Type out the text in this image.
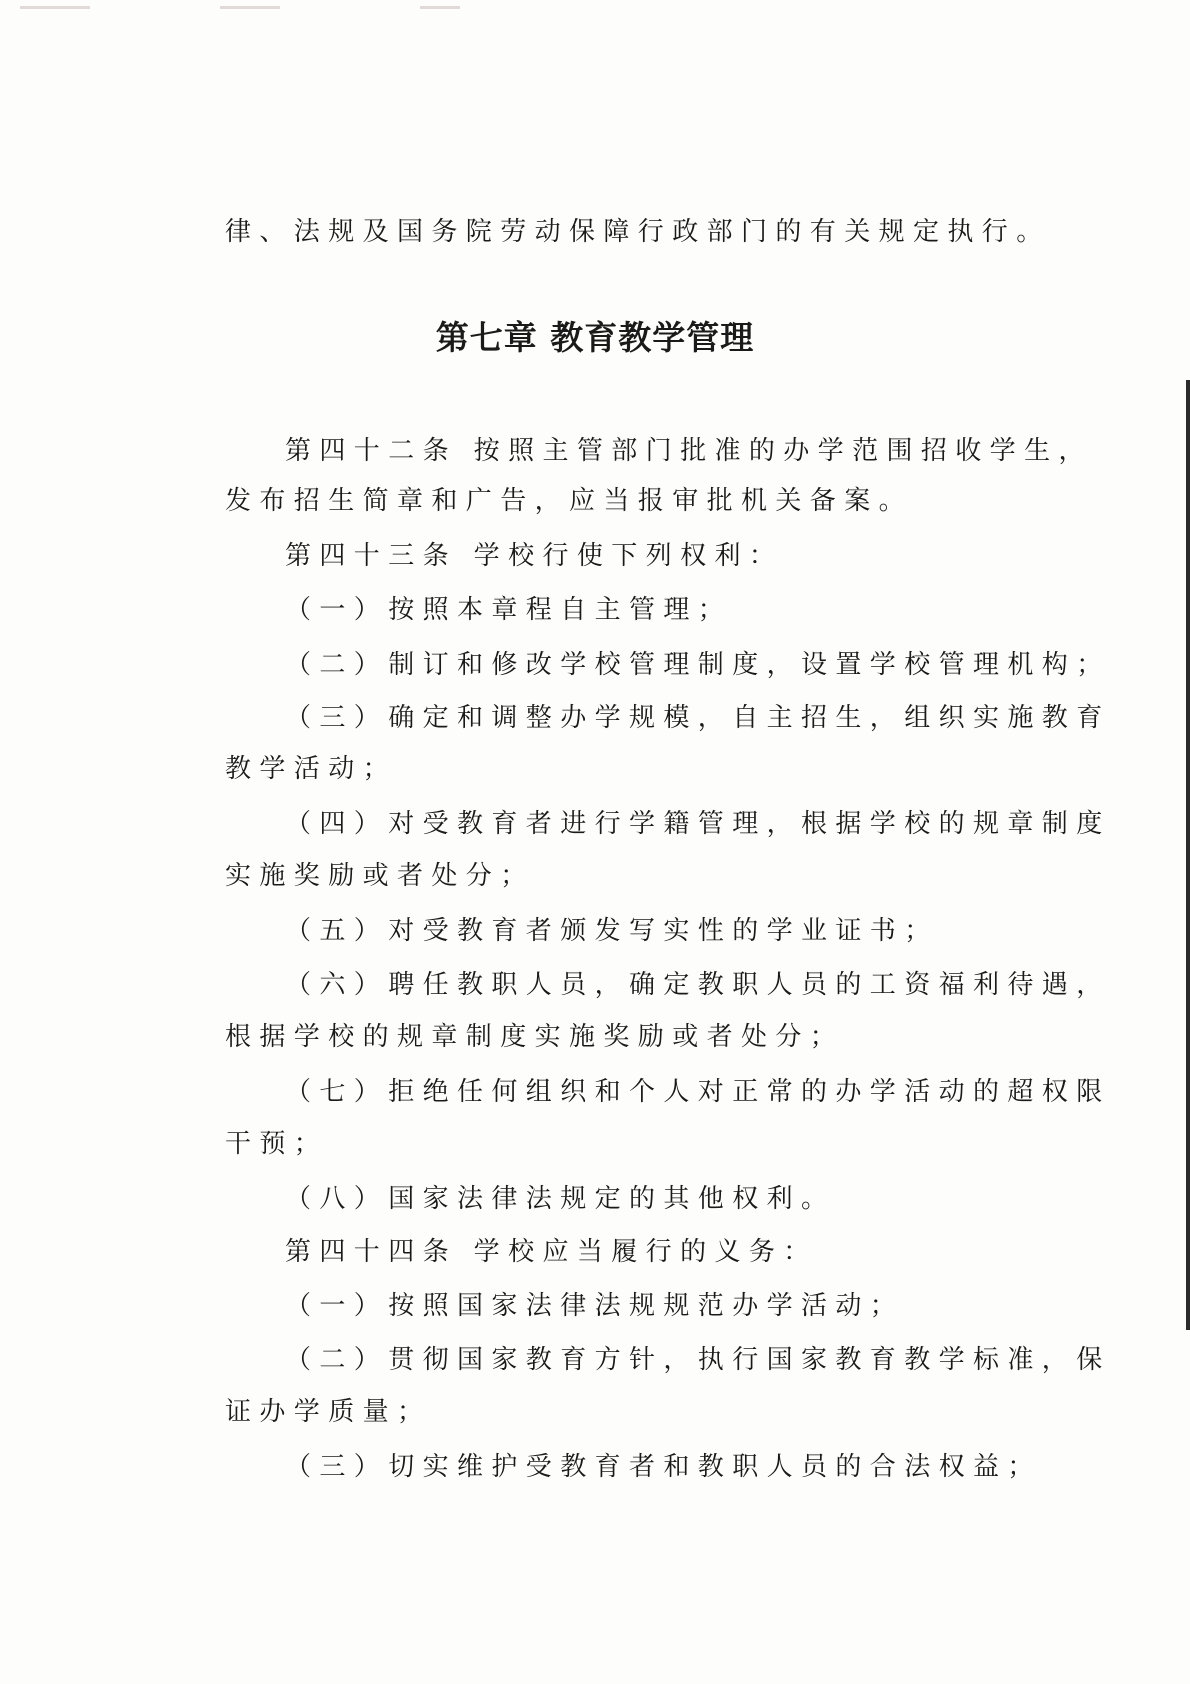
律、法规及国务院劳动保障行政部门的有关规定执行。
第七章 教育教学管理
第四十二条 按照主管部门批准的办学范围招收学生，
发布招生简章和广告，应当报审批机关备案。
第四十三条 学校行使下列权利：
（一）按照本章程自主管理；
（二）制订和修改学校管理制度，设置学校管理机构；
（三）确定和调整办学规模，自主招生，组织实施教育
教学活动；
（四）对受教育者进行学籍管理，根据学校的规章制度
实施奖励或者处分；
（五）对受教育者颁发写实性的学业证书；
（六）聘任教职人员，确定教职人员的工资福利待遇，
根据学校的规章制度实施奖励或者处分；
（七）拒绝任何组织和个人对正常的办学活动的超权限
干预；
（八）国家法律法规定的其他权利。
第四十四条 学校应当履行的义务：
（一）按照国家法律法规规范办学活动；
（二）贯彻国家教育方针，执行国家教育教学标准，保
证办学质量；
（三）切实维护受教育者和教职人员的合法权益；
